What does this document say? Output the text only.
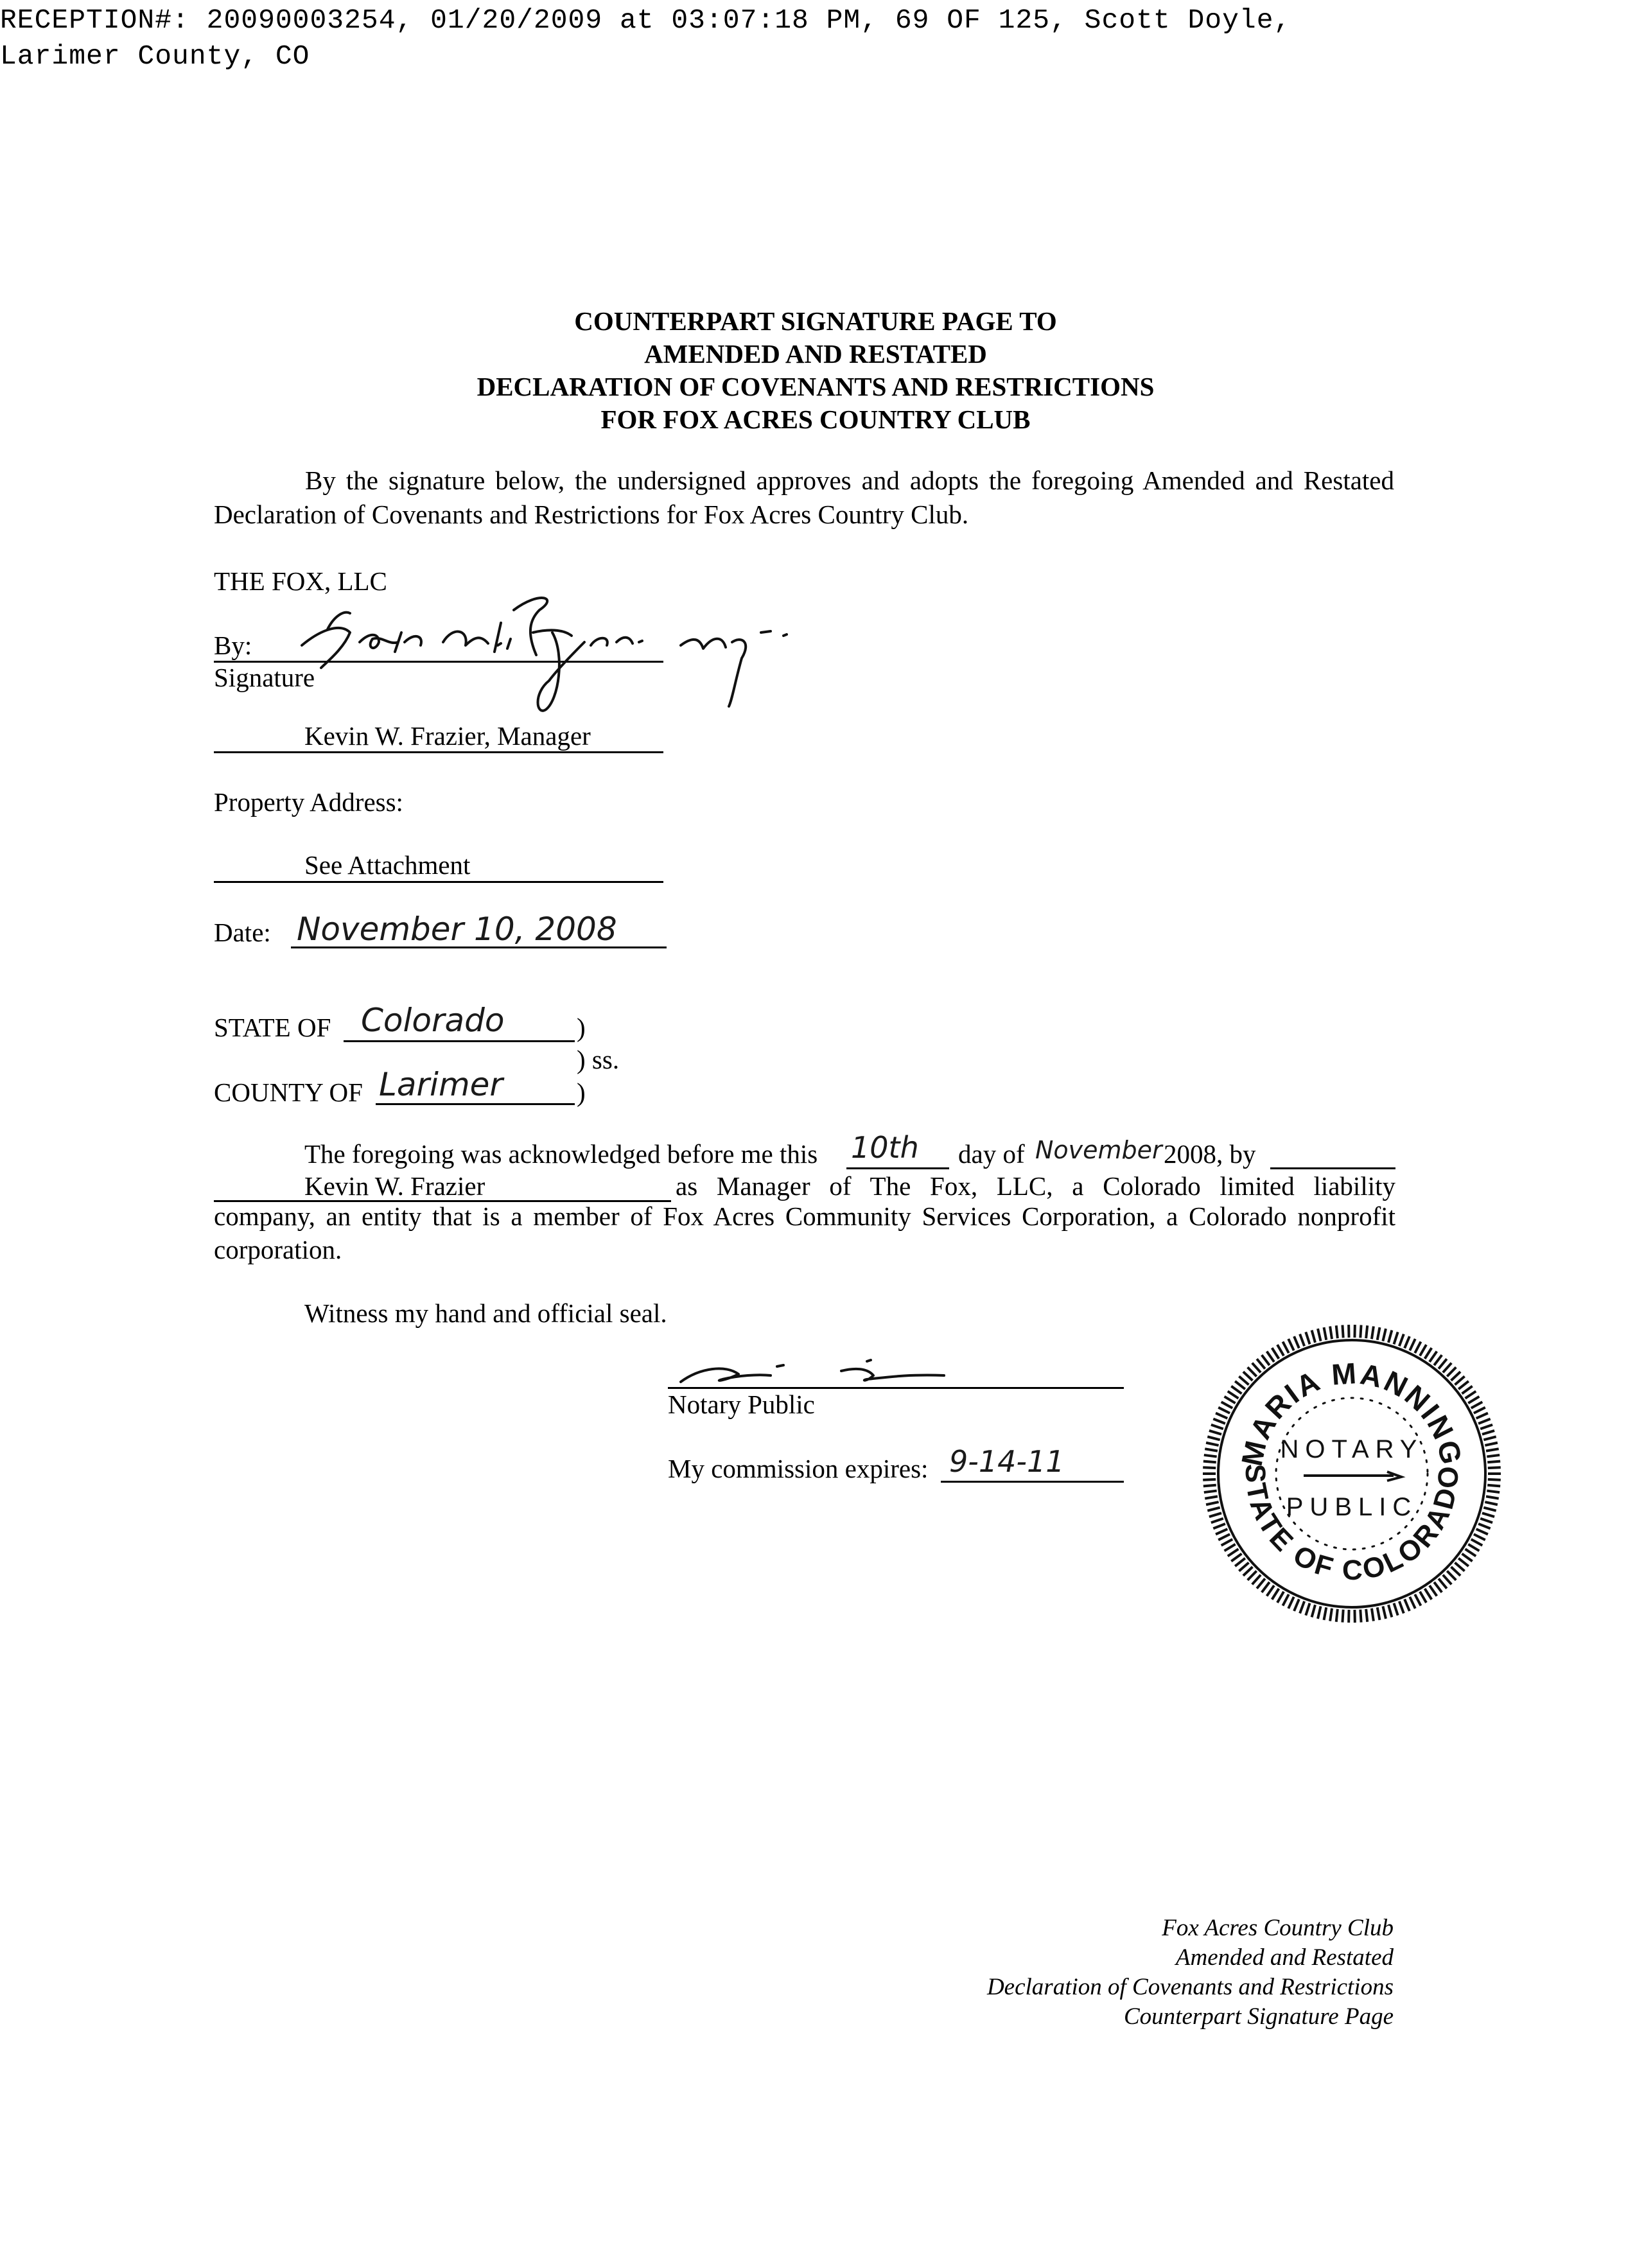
RECEPTION#: 20090003254, 01/20/2009 at 03:07:18 PM, 69 OF 125, Scott Doyle,
Larimer County, CO
COUNTERPART SIGNATURE PAGE TO
AMENDED AND RESTATED
DECLARATION OF COVENANTS AND RESTRICTIONS
FOR FOX ACRES COUNTRY CLUB
By the signature below, the undersigned approves and adopts the foregoing Amended and Restated Declaration of Covenants and Restrictions for Fox Acres Country Club.
THE FOX, LLC
By:
Signature
Kevin W. Frazier, Manager
Property Address:
See Attachment
Date: November 10, 2008
STATE OF Colorado	)
) ss.
COUNTY OF Larimer	)
The foregoing was acknowledged before me this 10th day of November 2008, by
Kevin W. Frazier	as Manager of The Fox, LLC, a Colorado limited liability
company, an entity that is a member of Fox Acres Community Services Corporation, a Colorado nonprofit corporation.
Witness my hand and official seal.
Notary Public
My commission expires: 9-14-11	MARIA MANNING
STATE OF COLORADO
NOTARY
PUBLIC
Fox Acres Country Club
Amended and Restated
Declaration of Covenants and Restrictions
Counterpart Signature Page
